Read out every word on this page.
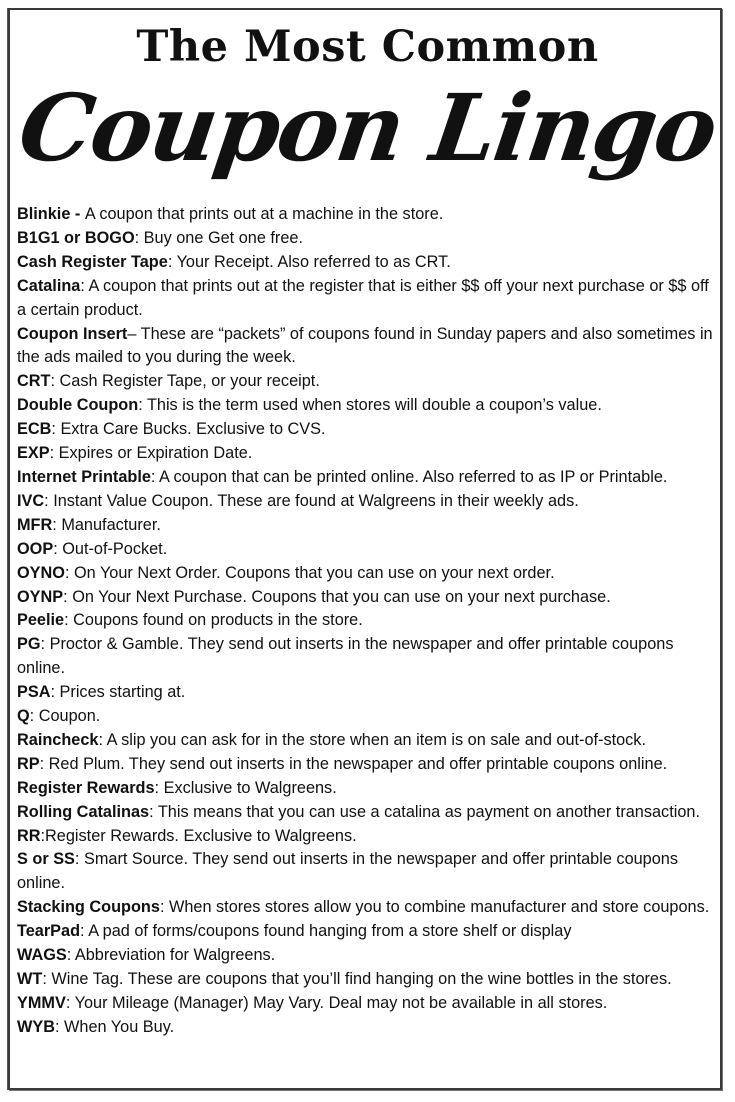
The Most Common
Coupon Lingo
Blinkie - A coupon that prints out at a machine in the store.
B1G1 or BOGO: Buy one Get one free.
Cash Register Tape: Your Receipt. Also referred to as CRT.
Catalina: A coupon that prints out at the register that is either $$ off your next purchase or $$ off a certain product.
Coupon Insert– These are “packets” of coupons found in Sunday papers and also sometimes in the ads mailed to you during the week.
CRT: Cash Register Tape, or your receipt.
Double Coupon: This is the term used when stores will double a coupon’s value.
ECB: Extra Care Bucks. Exclusive to CVS.
EXP: Expires or Expiration Date.
Internet Printable: A coupon that can be printed online. Also referred to as IP or Printable.
IVC: Instant Value Coupon. These are found at Walgreens in their weekly ads.
MFR: Manufacturer.
OOP: Out-of-Pocket.
OYNO: On Your Next Order. Coupons that you can use on your next order.
OYNP: On Your Next Purchase. Coupons that you can use on your next purchase.
Peelie: Coupons found on products in the store.
PG: Proctor & Gamble. They send out inserts in the newspaper and offer printable coupons online.
PSA: Prices starting at.
Q: Coupon.
Raincheck: A slip you can ask for in the store when an item is on sale and out-of-stock.
RP: Red Plum. They send out inserts in the newspaper and offer printable coupons online.
Register Rewards: Exclusive to Walgreens.
Rolling Catalinas: This means that you can use a catalina as payment on another transaction.
RR:Register Rewards. Exclusive to Walgreens.
S or SS: Smart Source. They send out inserts in the newspaper and offer printable coupons online.
Stacking Coupons: When stores stores allow you to combine manufacturer and store coupons.
TearPad: A pad of forms/coupons found hanging from a store shelf or display
WAGS: Abbreviation for Walgreens.
WT: Wine Tag. These are coupons that you’ll find hanging on the wine bottles in the stores.
YMMV: Your Mileage (Manager) May Vary. Deal may not be available in all stores.
WYB: When You Buy.
